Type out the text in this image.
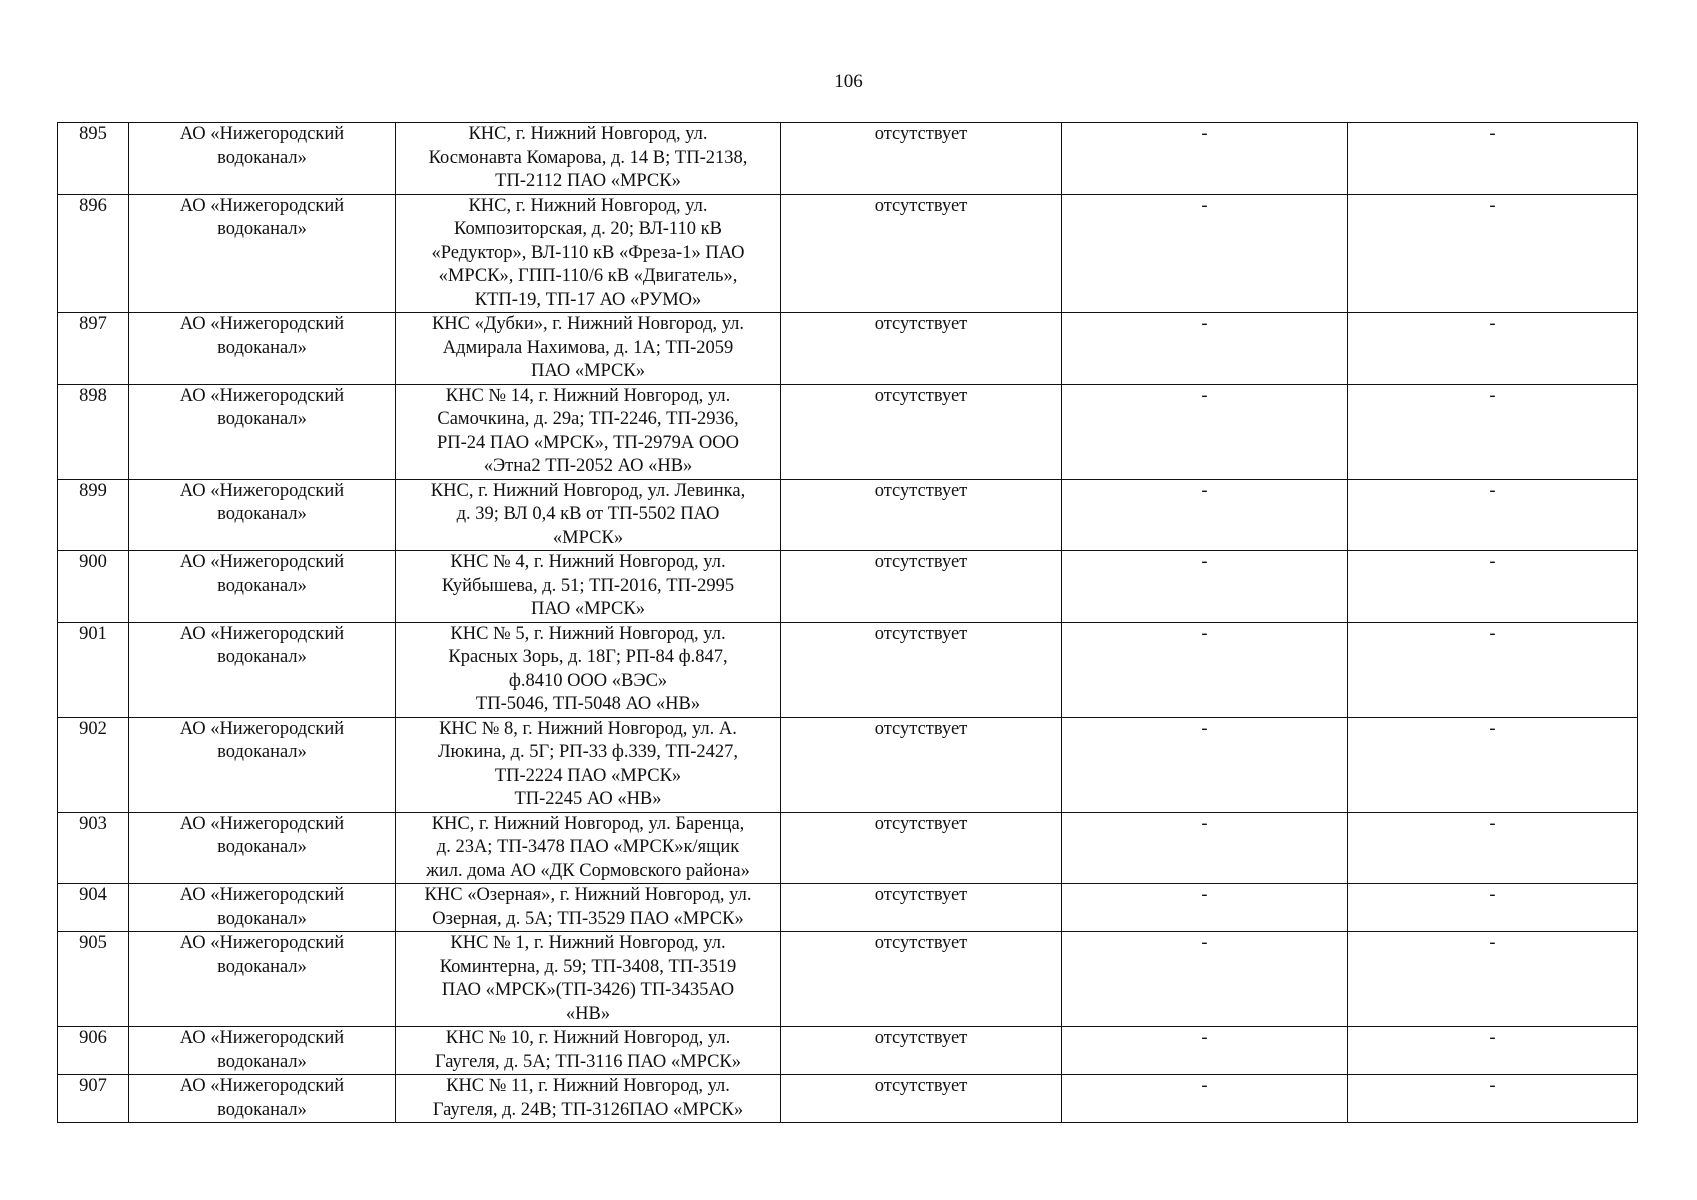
106
895	АО «Нижегородский
водоканал»	КНС, г. Нижний Новгород, ул.
Космонавта Комарова, д. 14 В; ТП-2138,
ТП-2112 ПАО «МРСК»	отсутствует	-	-
896	АО «Нижегородский
водоканал»	КНС, г. Нижний Новгород, ул.
Композиторская, д. 20; ВЛ-110 кВ
«Редуктор», ВЛ-110 кВ «Фреза-1» ПАО
«МРСК», ГПП-110/6 кВ «Двигатель»,
КТП-19, ТП-17 АО «РУМО»	отсутствует	-	-
897	АО «Нижегородский
водоканал»	КНС «Дубки», г. Нижний Новгород, ул.
Адмирала Нахимова, д. 1А; ТП-2059
ПАО «МРСК»	отсутствует	-	-
898	АО «Нижегородский
водоканал»	КНС № 14, г. Нижний Новгород, ул.
Самочкина, д. 29а; ТП-2246, ТП-2936,
РП-24 ПАО «МРСК», ТП-2979А ООО
«Этна2 ТП-2052 АО «НВ»	отсутствует	-	-
899	АО «Нижегородский
водоканал»	КНС, г. Нижний Новгород, ул. Левинка,
д. 39; ВЛ 0,4 кВ от ТП-5502 ПАО
«МРСК»	отсутствует	-	-
900	АО «Нижегородский
водоканал»	КНС № 4, г. Нижний Новгород, ул.
Куйбышева, д. 51; ТП-2016, ТП-2995
ПАО «МРСК»	отсутствует	-	-
901	АО «Нижегородский
водоканал»	КНС № 5, г. Нижний Новгород, ул.
Красных Зорь, д. 18Г; РП-84 ф.847,
ф.8410 ООО «ВЭС»
ТП-5046, ТП-5048 АО «НВ»	отсутствует	-	-
902	АО «Нижегородский
водоканал»	КНС № 8, г. Нижний Новгород, ул. А.
Люкина, д. 5Г; РП-33 ф.339, ТП-2427,
ТП-2224 ПАО «МРСК»
ТП-2245 АО «НВ»	отсутствует	-	-
903	АО «Нижегородский
водоканал»	КНС, г. Нижний Новгород, ул. Баренца,
д. 23А; ТП-3478 ПАО «МРСК»к/ящик
жил. дома АО «ДК Сормовского района»	отсутствует	-	-
904	АО «Нижегородский
водоканал»	КНС «Озерная», г. Нижний Новгород, ул.
Озерная, д. 5А; ТП-3529 ПАО «МРСК»	отсутствует	-	-
905	АО «Нижегородский
водоканал»	КНС № 1, г. Нижний Новгород, ул.
Коминтерна, д. 59; ТП-3408, ТП-3519
ПАО «МРСК»(ТП-3426) ТП-3435АО
«НВ»	отсутствует	-	-
906	АО «Нижегородский
водоканал»	КНС № 10, г. Нижний Новгород, ул.
Гаугеля, д. 5А; ТП-3116 ПАО «МРСК»	отсутствует	-	-
907	АО «Нижегородский
водоканал»	КНС № 11, г. Нижний Новгород, ул.
Гаугеля, д. 24В; ТП-3126ПАО «МРСК»	отсутствует	-	-
